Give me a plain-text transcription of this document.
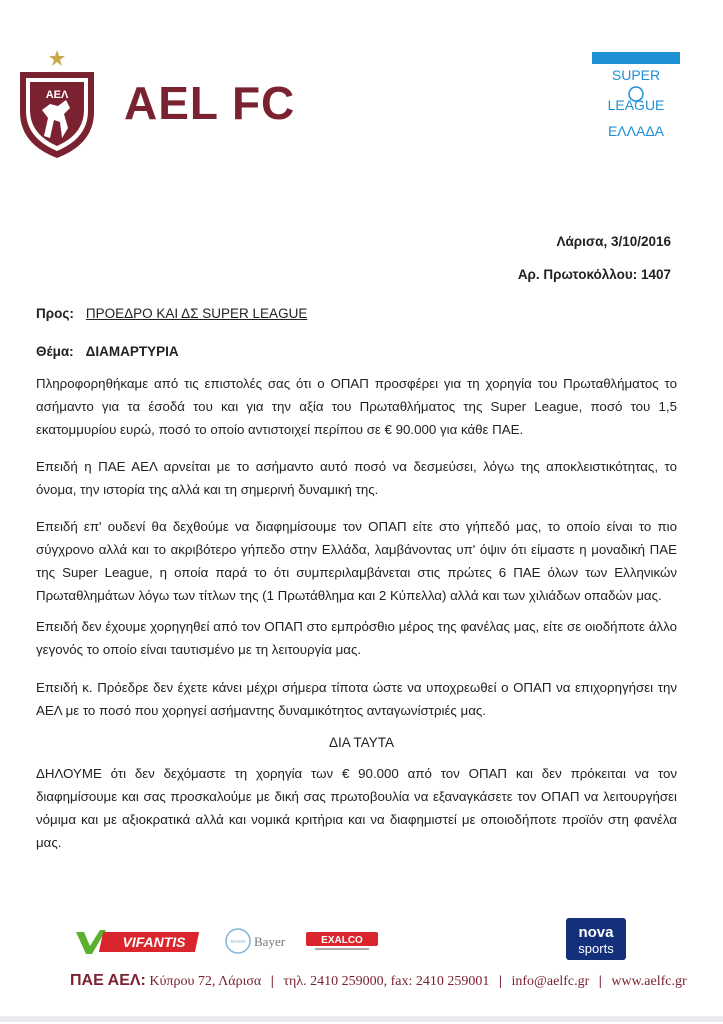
ΑΕΛ AEL FC
SUPER
LEAGUE
ΕΛΛΑΔΑ
Λάρισα, 3/10/2016
Αρ. Πρωτοκόλλου: 1407
Προς: ΠΡΟΕΔΡΟ ΚΑΙ ΔΣ SUPER LEAGUE
Θέμα: ΔΙΑΜΑΡΤΥΡΙΑ

Πληροφορηθήκαμε από τις επιστολές σας ότι ο ΟΠΑΠ προσφέρει για τη χορηγία του Πρωταθλήματος το ασήμαντο για τα έσοδά του και για την αξία του Πρωταθλήματος της Super League, ποσό του 1,5 εκατομμυρίου ευρώ, ποσό το οποίο αντιστοιχεί περίπου σε € 90.000 για κάθε ΠΑΕ.

Επειδή η ΠΑΕ ΑΕΛ αρνείται με το ασήμαντο αυτό ποσό να δεσμεύσει, λόγω της αποκλειστικότητας, το όνομα, την ιστορία της αλλά και τη σημερινή δυναμική της.

Επειδή επ' ουδενί θα δεχθούμε να διαφημίσουμε τον ΟΠΑΠ είτε στο γήπεδό μας, το οποίο είναι το πιο σύγχρονο αλλά και το ακριβότερο γήπεδο στην Ελλάδα, λαμβάνοντας υπ' όψιν ότι είμαστε η μοναδική ΠΑΕ της Super League, η οποία παρά το ότι συμπεριλαμβάνεται στις πρώτες 6 ΠΑΕ όλων των Ελληνικών Πρωταθλημάτων λόγω των τίτλων της (1 Πρωτάθλημα και 2 Κύπελλα) αλλά και των χιλιάδων οπαδών μας.

Επειδή δεν έχουμε χορηγηθεί από τον ΟΠΑΠ στο εμπρόσθιο μέρος της φανέλας μας, είτε σε οιοδήποτε άλλο γεγονός το οποίο είναι ταυτισμένο με τη λειτουργία μας.

Επειδή κ. Πρόεδρε δεν έχετε κάνει μέχρι σήμερα τίποτα ώστε να υποχρεωθεί ο ΟΠΑΠ να επιχορηγήσει την ΑΕΛ με το ποσό που χορηγεί ασήμαντης δυναμικότητος ανταγωνίστριές μας.

ΔΙΑ ΤΑΥΤΑ

ΔΗΛΟΥΜΕ ότι δεν δεχόμαστε τη χορηγία των € 90.000 από τον ΟΠΑΠ και δεν πρόκειται να τον διαφημίσουμε και σας προσκαλούμε με δική σας πρωτοβουλία να εξαναγκάσετε τον ΟΠΑΠ να λειτουργήσει νόμιμα και με αξιοκρατικά αλλά και νομικά κριτήρια και να διαφημιστεί με οποιοδήποτε προϊόν στη φανέλα μας.

VIFANTIS	BAYER Bayer	EXALCO	nova
sports
ΠΑΕ ΑΕΛ: Κύπρου 72, Λάρισα | τηλ. 2410 259000, fax: 2410 259001 | info@aelfc.gr | www.aelfc.gr
